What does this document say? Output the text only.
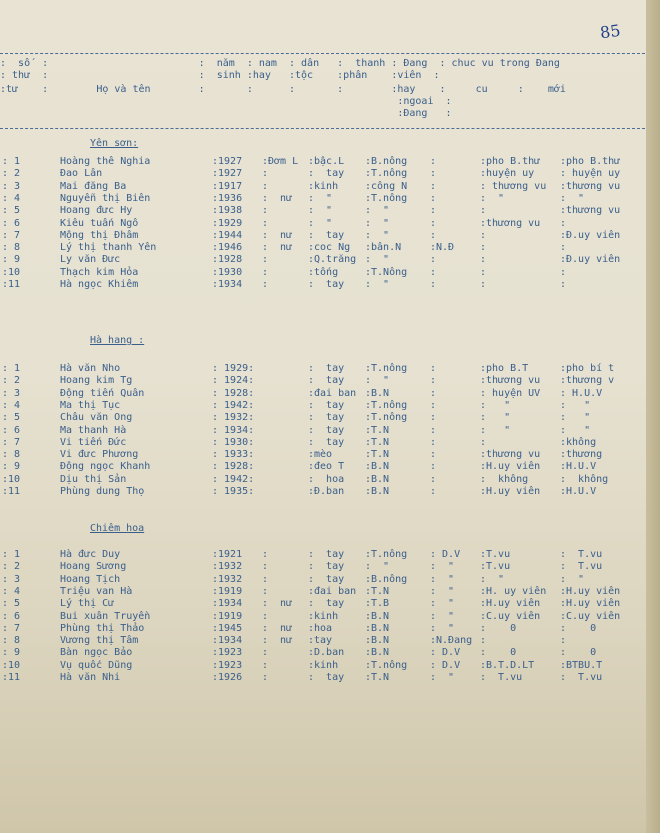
85
:  số  :                         :  năm  : nam  : dân   :  thanh : Đang  : chuc vu trong Đang
: thư  :                         :  sinh :hay   :tộc    :phân    :viên  :
:tư    :        Họ và tên        :       :      :       :        :hay    :     cu     :    mới
:ngoai  :
:Đang   :
Yên sơn:
: 1	Hoàng thê Nghia	:1927 :Đơm L :bậc.L :B.nông :	:pho B.thư :pho B.thư
: 2	Đao Lân	:1927 :	:  tay :T.nông :	:huyện uy	: huyện uy
: 3	Mai đăng Ba	:1917 :	:kinh	:công N :	: thương vu :thương vu
: 4	Nguyễn thị Biên	:1936 :  nư :  "	:T.nông :	:  "	:  "
: 5	Hoang đưc Hy	:1938 :	:  "	:  "	:	:	:thương vu
: 6	Kiêu tuấn Ngô	:1929 :	:  "	:  "	:	:thương vu :
: 7	Mộng thị Đhâm	:1944 :  nư :  tay :  "	:	:	:Đ.uy viên
: 8	Lý thị thanh Yên	:1946 :  nư :coc Ng :bân.N	:N.Đ	:	:
: 9	Ly văn Đưc	:1928 :	:Q.trăng :  "	:	:	:Đ.uy viên
:10	Thạch kim Hỏa	:1930 :	:tống	:T.Nông :	:	:
:11	Hà ngọc Khiêm	:1934 :	:  tay :  "	:	:	:
Hà hang :
: 1	Hà văn Nho	: 1929:	:  tay :T.nông :	:pho B.T	:pho bí t
: 2	Hoang kim Tg	: 1924:	:  tay :  "	:	:thương vu :thương v
: 3	Động tiến Quân	: 1928:	:đai ban :B.N	:	: huyện UV : H.U.V
: 4	Ma thị Tục	: 1942:	:  tay :T.nông :	:   "	:   "
: 5	Châu văn Ong	: 1932:	:  tay :T.nông :	:   "	:   "
: 6	Ma thanh Hà	: 1934:	:  tay :T.N	:	:   "	:   "
: 7	Vi tiến Đức	: 1930:	:  tay :T.N	:	:	:không
: 8	Vi đưc Phương	: 1933:	:mèo	:T.N	:	:thương vu :thương
: 9	Động ngọc Khanh	: 1928:	:đeo T :B.N	:	:H.uy viên :H.U.V
:10	Dịu thị Sản	: 1942:	:  hoa :B.N	:	:  không	:  không
:11	Phùng dung Thọ	: 1935:	:Đ.ban :B.N	:	:H.uy viên :H.U.V
Chiêm hoa
: 1	Hà đưc Duy	:1921 :	:  tay :T.nông : D.V :T.vu	:  T.vu
: 2	Hoang Sương	:1932 :	:  tay :  "	:  "	:T.vu	:  T.vu
: 3	Hoang Tịch	:1932 :	:  tay :B.nông :  "	:  "	:  "
: 4	Triệu van Hà	:1919 :	:đai ban :T.N	:  "	:H. uy viên :H.uy viên
: 5	Lý thị Cư	:1934 :  nư :  tay :T.B	:  "	:H.uy viên :H.uy viên
: 6	Bui xuân Truyền	:1919 :	:kinh	:B.N	:  "	:C.uy viên :C.uy viên
: 7	Phùng thị Thảo	:1945 :  nư :hoa	:B.N	:  "	:    0	:    0
: 8	Vương thị Tâm	:1934 :  nư :tay	:B.N	:N.Đang :	:
: 9	Bàn ngọc Bảo	:1923 :	:D.ban :B.N	: D.V :    0	:    0
:10	Vụ quốc Dũng	:1923 :	:kinh	:T.nông : D.V :B.T.D.LT	:BTBU.T
:11	Hà văn Nhi	:1926 :	:  tay :T.N	:  "	:  T.vu	:  T.vu
